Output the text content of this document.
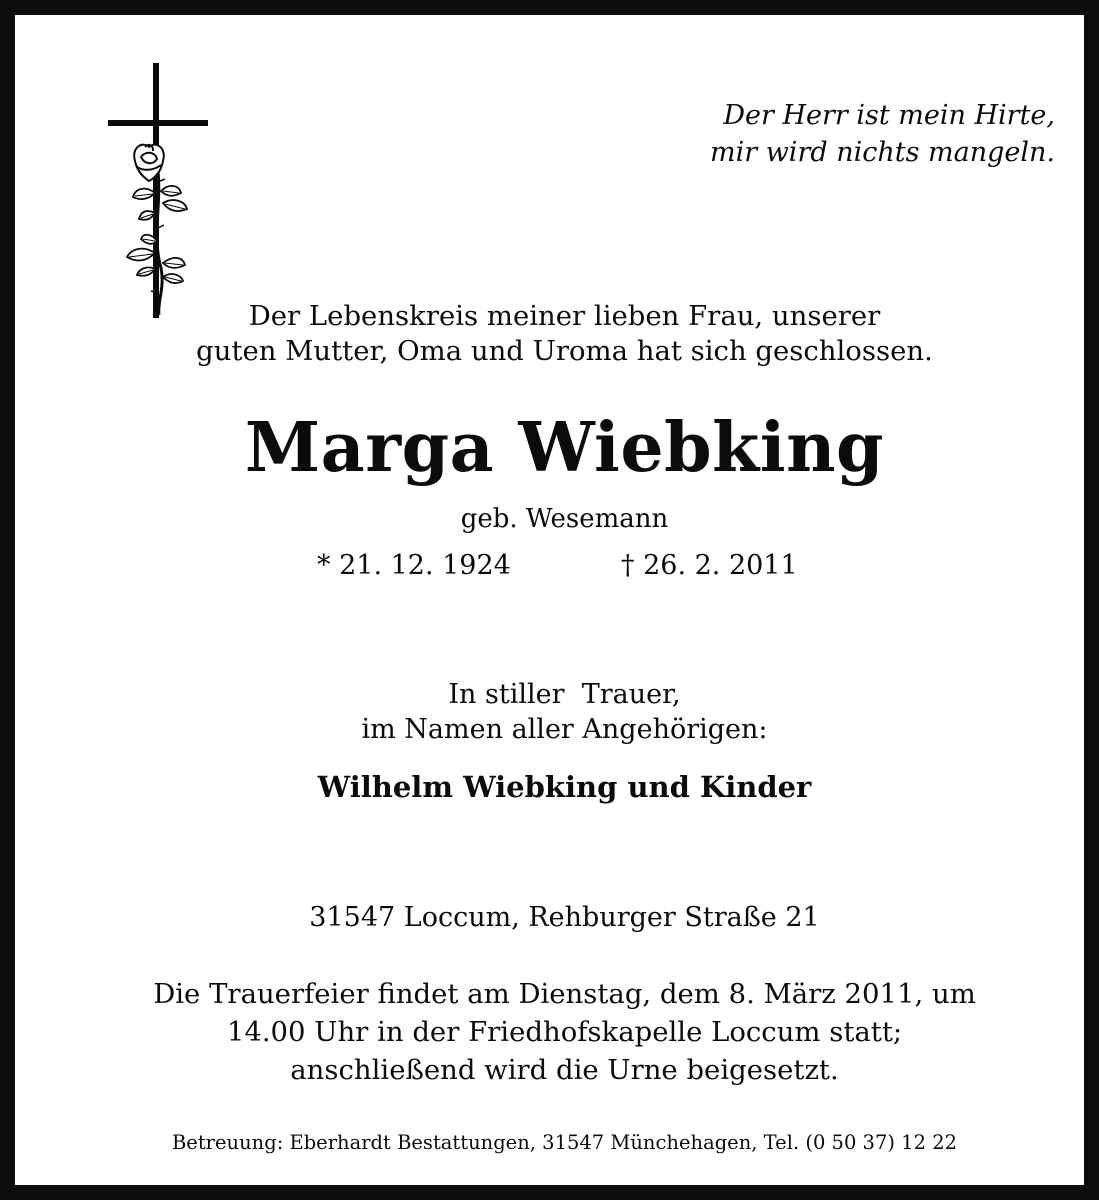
Der Herr ist mein Hirte,
mir wird nichts mangeln.
Der Lebenskreis meiner lieben Frau, unserer
guten Mutter, Oma und Uroma hat sich geschlossen.
Marga Wiebking
geb. Wesemann
* 21. 12. 1924	† 26. 2. 2011
In stiller  Trauer,
im Namen aller Angehörigen:
Wilhelm Wiebking und Kinder
31547 Loccum, Rehburger Straße 21
Die Trauerfeier findet am Dienstag, dem 8. März 2011, um
14.00 Uhr in der Friedhofskapelle Loccum statt;
anschließend wird die Urne beigesetzt.
Betreuung: Eberhardt Bestattungen, 31547 Münchehagen, Tel. (0 50 37) 12 22
